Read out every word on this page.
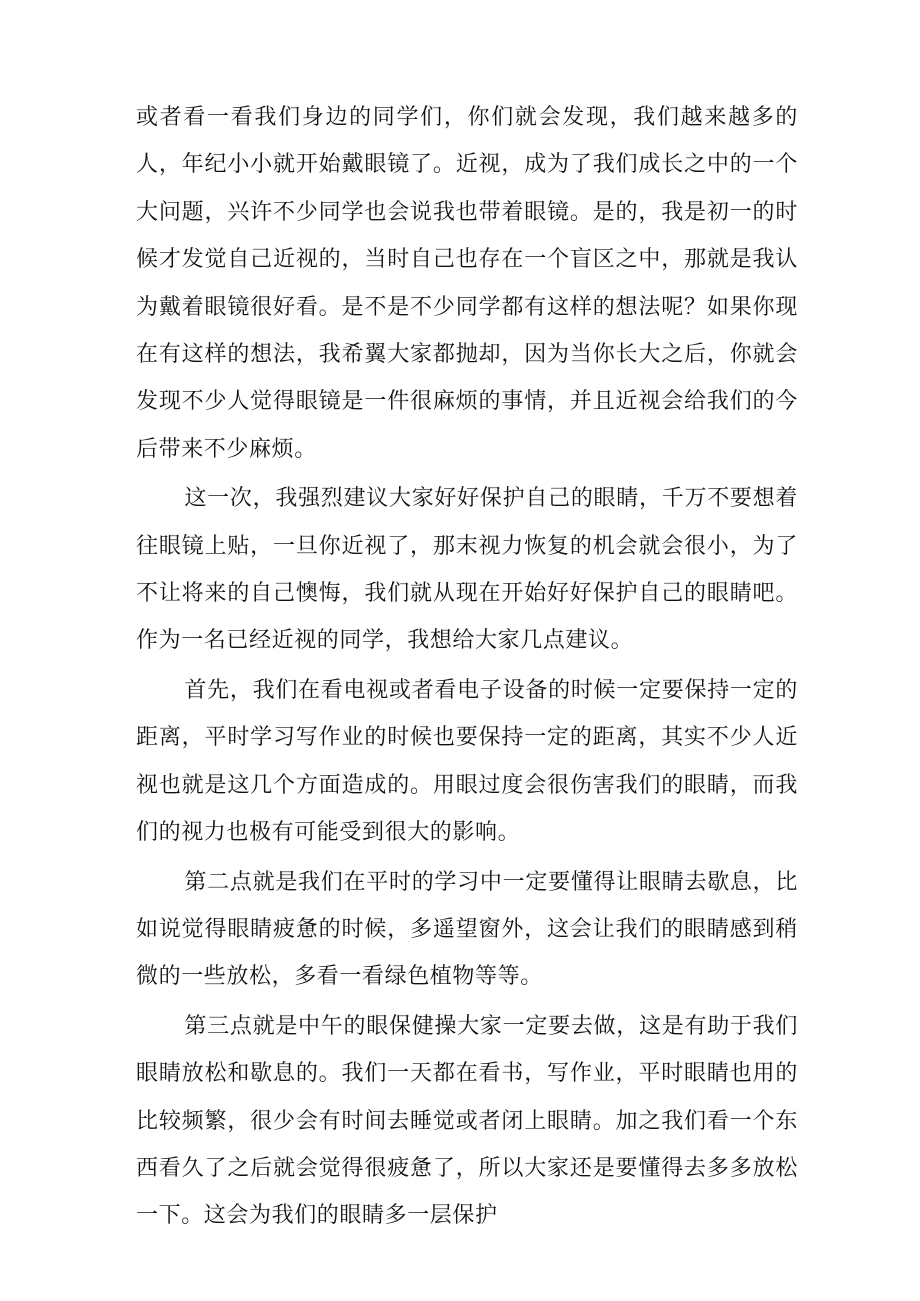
或者看一看我们身边的同学们，你们就会发现，我们越来越多的人，年纪小小就开始戴眼镜了。近视，成为了我们成长之中的一个大问题，兴许不少同学也会说我也带着眼镜。是的，我是初一的时候才发觉自己近视的，当时自己也存在一个盲区之中，那就是我认为戴着眼镜很好看。是不是不少同学都有这样的想法呢？如果你现在有这样的想法，我希翼大家都抛却，因为当你长大之后，你就会发现不少人觉得眼镜是一件很麻烦的事情，并且近视会给我们的今后带来不少麻烦。

这一次，我强烈建议大家好好保护自己的眼睛，千万不要想着往眼镜上贴，一旦你近视了，那末视力恢复的机会就会很小，为了不让将来的自己懊悔，我们就从现在开始好好保护自己的眼睛吧。作为一名已经近视的同学，我想给大家几点建议。

首先，我们在看电视或者看电子设备的时候一定要保持一定的距离，平时学习写作业的时候也要保持一定的距离，其实不少人近视也就是这几个方面造成的。用眼过度会很伤害我们的眼睛，而我们的视力也极有可能受到很大的影响。

第二点就是我们在平时的学习中一定要懂得让眼睛去歇息，比如说觉得眼睛疲惫的时候，多遥望窗外，这会让我们的眼睛感到稍微的一些放松，多看一看绿色植物等等。

第三点就是中午的眼保健操大家一定要去做，这是有助于我们眼睛放松和歇息的。我们一天都在看书，写作业，平时眼睛也用的比较频繁，很少会有时间去睡觉或者闭上眼睛。加之我们看一个东西看久了之后就会觉得很疲惫了，所以大家还是要懂得去多多放松一下。这会为我们的眼睛多一层保护
